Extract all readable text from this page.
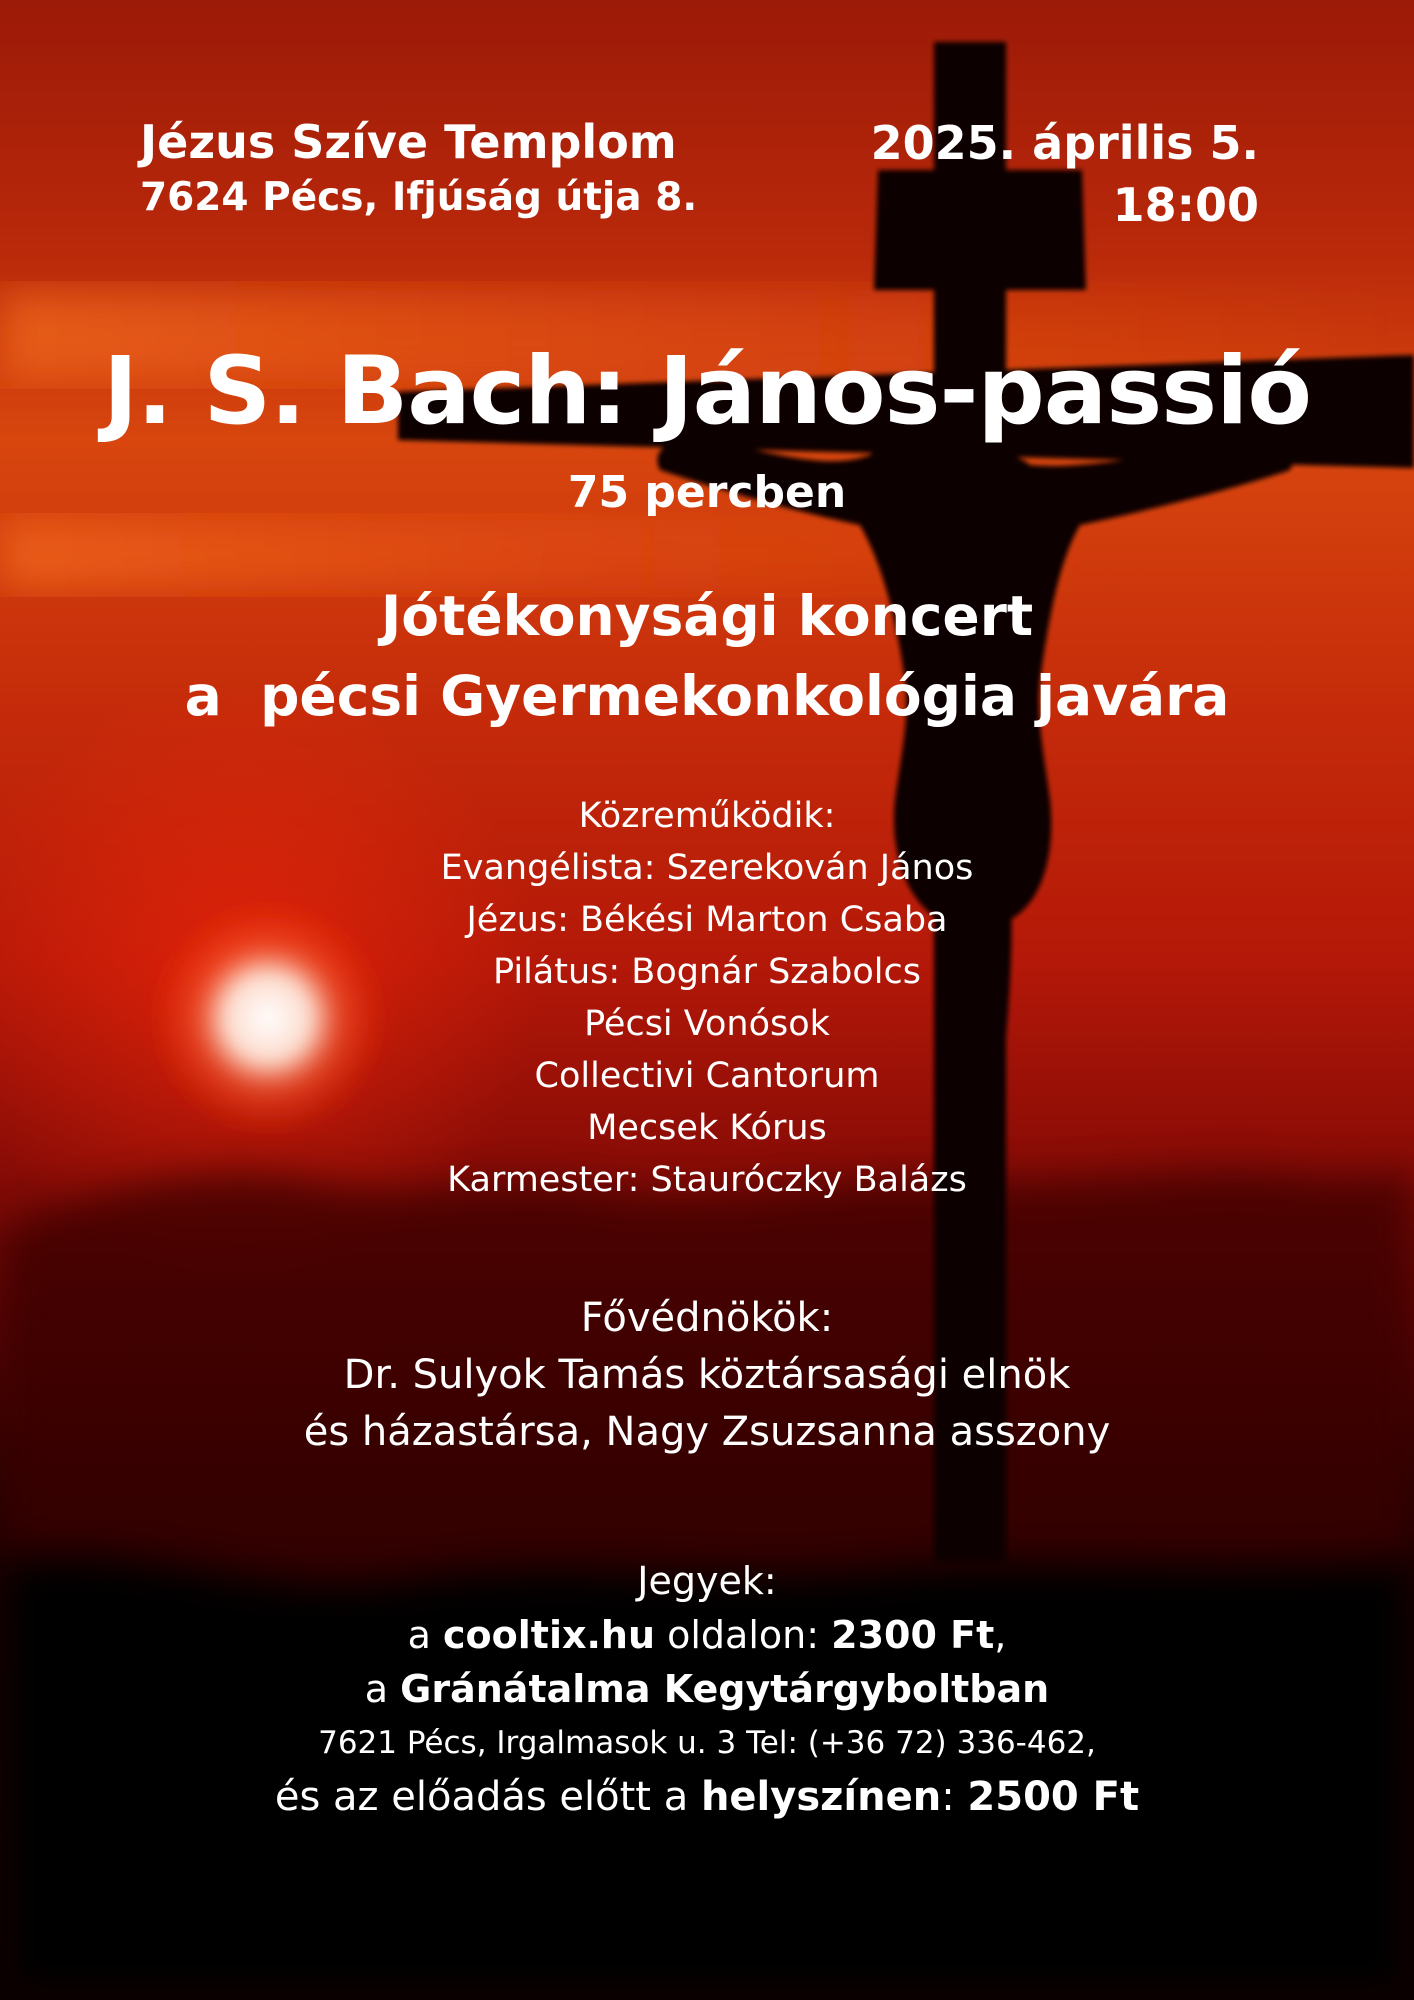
Jézus Szíve Templom
7624 Pécs, Ifjúság útja 8.
2025. április 5.
18:00
J. S. Bach: János-passió
75 percben
Jótékonysági koncert
a  pécsi Gyermekonkológia javára
Közreműködik:
Evangélista: Szerekován János
Jézus: Békési Marton Csaba
Pilátus: Bognár Szabolcs
Pécsi Vonósok
Collectivi Cantorum
Mecsek Kórus
Karmester: Stauróczky Balázs
Fővédnökök:
Dr. Sulyok Tamás köztársasági elnök
és házastársa, Nagy Zsuzsanna asszony
Jegyek:
a cooltix.hu oldalon: 2300 Ft,
a Gránátalma Kegytárgyboltban
7621 Pécs, Irgalmasok u. 3 Tel: (+36 72) 336-462,
és az előadás előtt a helyszínen: 2500 Ft
